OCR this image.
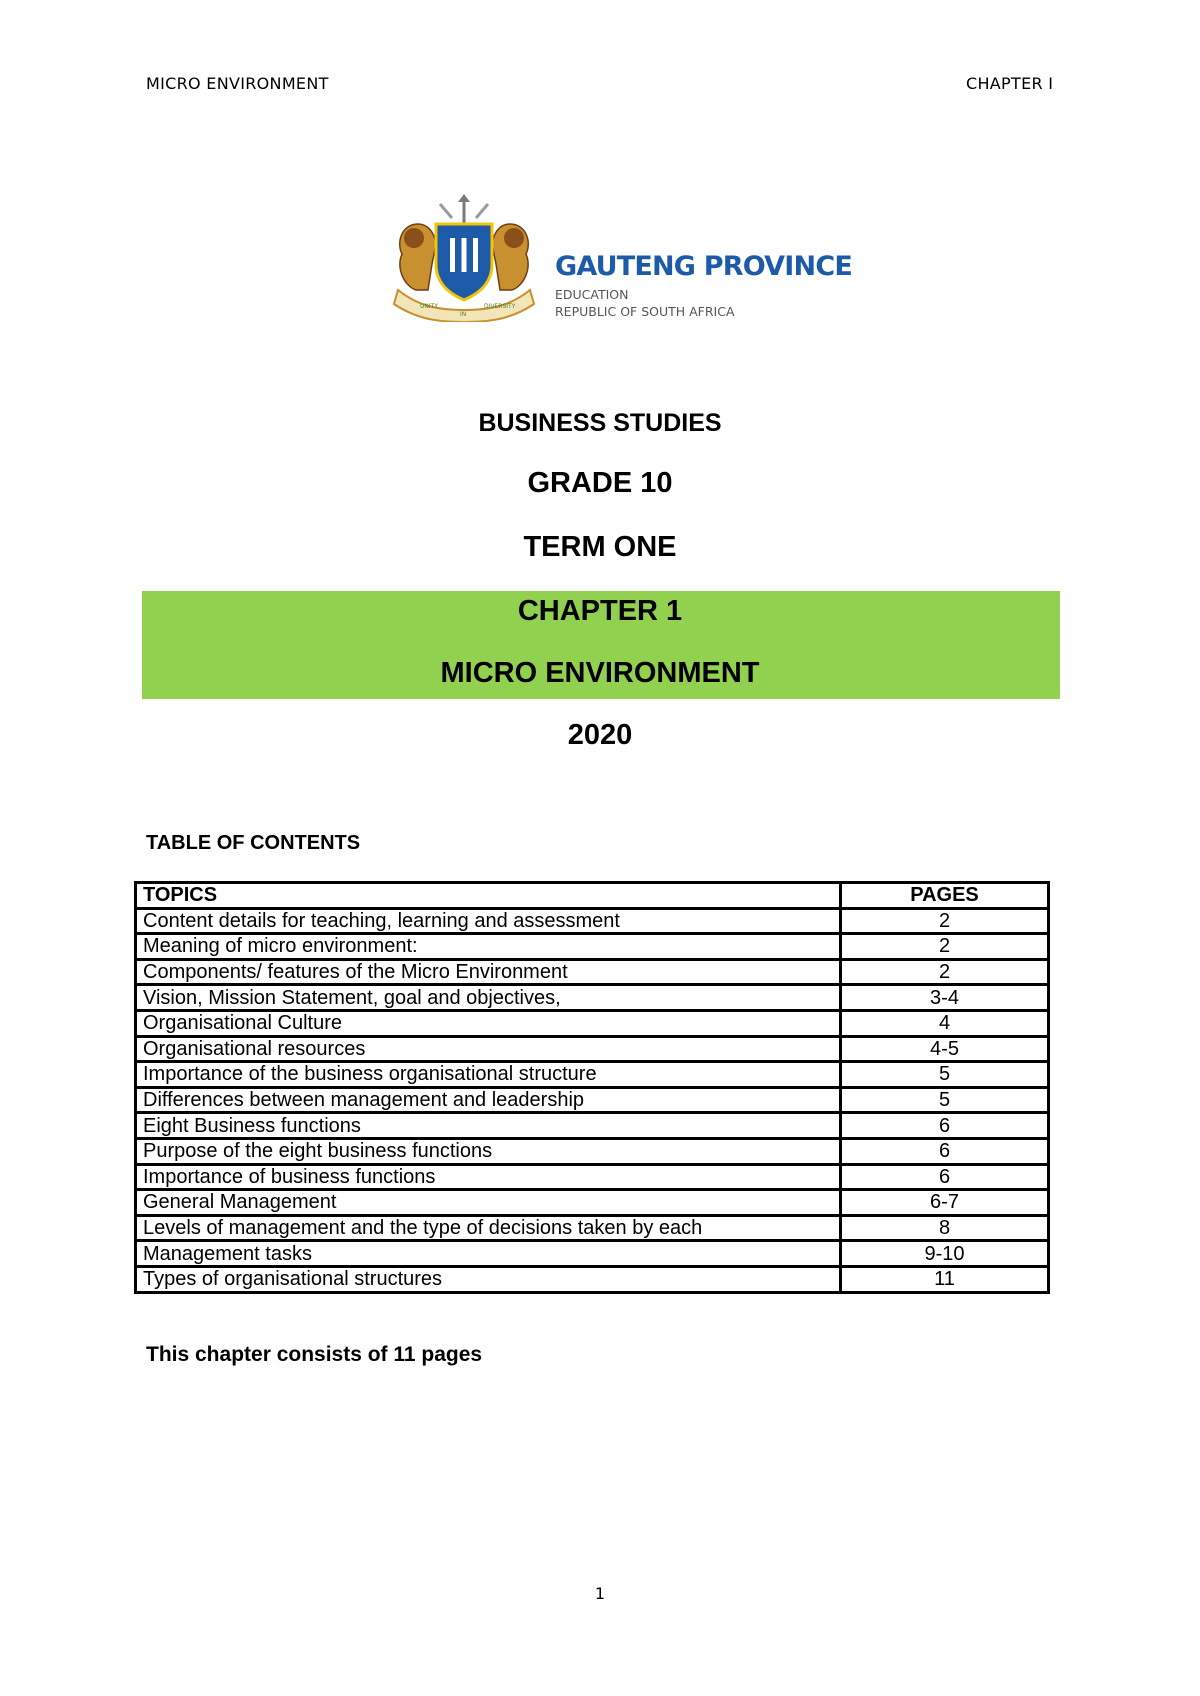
MICRO ENVIRONMENT	CHAPTER I
UNITY
IN
DIVERSITY
GAUTENG PROVINCE
EDUCATION
REPUBLIC OF SOUTH AFRICA
BUSINESS STUDIES
GRADE 10
TERM ONE
CHAPTER 1
MICRO ENVIRONMENT
2020
TABLE OF CONTENTS
TOPICS	PAGES
Content details for teaching, learning and assessment	2
Meaning of micro environment:	2
Components/ features of the Micro Environment	2
Vision, Mission Statement, goal and objectives,	3-4
Organisational Culture	4
Organisational resources	4-5
Importance of the business organisational structure	5
Differences between management and leadership	5
Eight Business functions	6
Purpose of the eight business functions	6
Importance of business functions	6
General Management	6-7
Levels of management and the type of decisions taken by each	8
Management tasks	9-10
Types of organisational structures	11
This chapter consists of 11 pages
1
